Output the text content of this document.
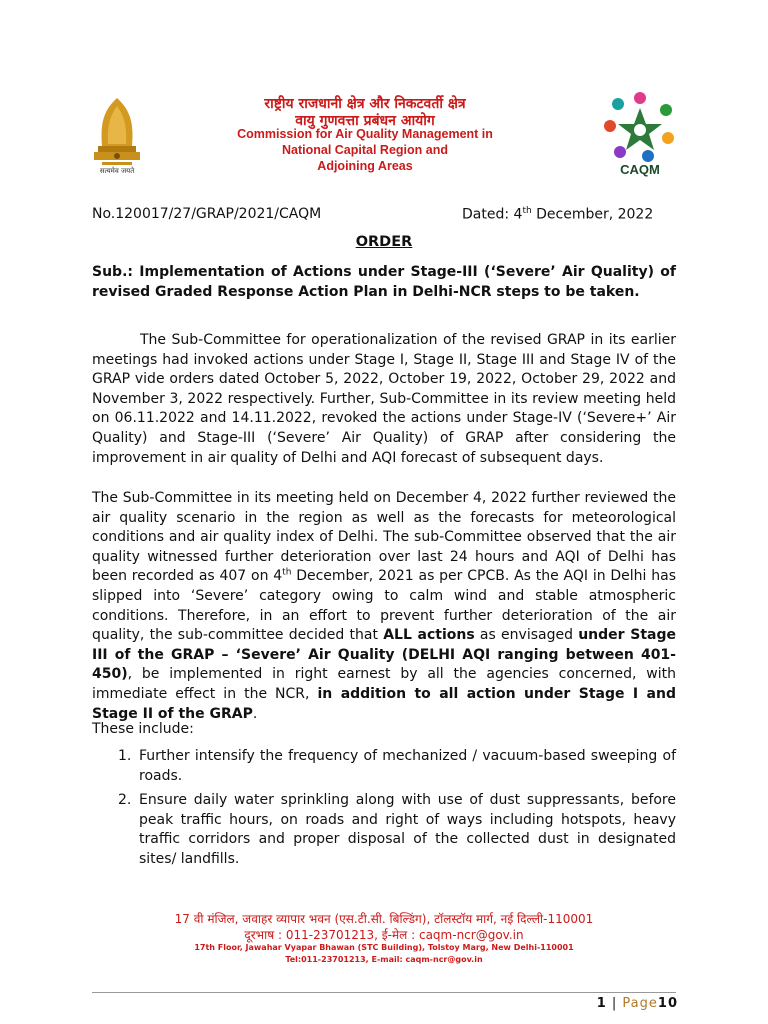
सत्यमेव जयते
राष्ट्रीय राजधानी क्षेत्र और निकटवर्ती क्षेत्र
वायु गुणवत्ता प्रबंधन आयोग
Commission for Air Quality Management in
National Capital Region and
Adjoining Areas	CAQM
No.120017/27/GRAP/2021/CAQM	Dated: 4th December, 2022
ORDER
Sub.: Implementation of Actions under Stage-III (‘Severe’ Air Quality) of revised Graded Response Action Plan in Delhi-NCR steps to be taken.
The Sub-Committee for operationalization of the revised GRAP in its earlier meetings had invoked actions under Stage I, Stage II, Stage III and Stage IV of the GRAP vide orders dated October 5, 2022, October 19, 2022, October 29, 2022 and November 3, 2022 respectively. Further, Sub-Committee in its review meeting held on 06.11.2022 and 14.11.2022, revoked the actions under Stage-IV (‘Severe+’ Air Quality) and Stage-III (‘Severe’ Air Quality) of GRAP after considering the improvement in air quality of Delhi and AQI forecast of subsequent days.
The Sub-Committee in its meeting held on December 4, 2022 further reviewed the air quality scenario in the region as well as the forecasts for meteorological conditions and air quality index of Delhi. The sub-Committee observed that the air quality witnessed further deterioration over last 24 hours and AQI of Delhi has been recorded as 407 on 4th December, 2021 as per CPCB. As the AQI in Delhi has slipped into ‘Severe’ category owing to calm wind and stable atmospheric conditions. Therefore, in an effort to prevent further deterioration of the air quality, the sub-committee decided that ALL actions as envisaged under Stage III of the GRAP – ‘Severe’ Air Quality (DELHI AQI ranging between 401-450), be implemented in right earnest by all the agencies concerned, with immediate effect in the NCR, in addition to all action under Stage I and Stage II of the GRAP.
These include:
1. Further intensify the frequency of mechanized / vacuum-based sweeping of roads.
2. Ensure daily water sprinkling along with use of dust suppressants, before peak traffic hours, on roads and right of ways including hotspots, heavy traffic corridors and proper disposal of the collected dust in designated sites/ landfills.
17 वी मंजिल, जवाहर व्यापार भवन (एस.टी.सी. बिल्डिंग), टॉलस्टॉय मार्ग, नई दिल्ली-110001
दूरभाष : 011-23701213, ई-मेल : caqm-ncr@gov.in
17th Floor, Jawahar Vyapar Bhawan (STC Building), Tolstoy Marg, New Delhi-110001
Tel:011-23701213, E-mail: caqm-ncr@gov.in
1 | Page10
